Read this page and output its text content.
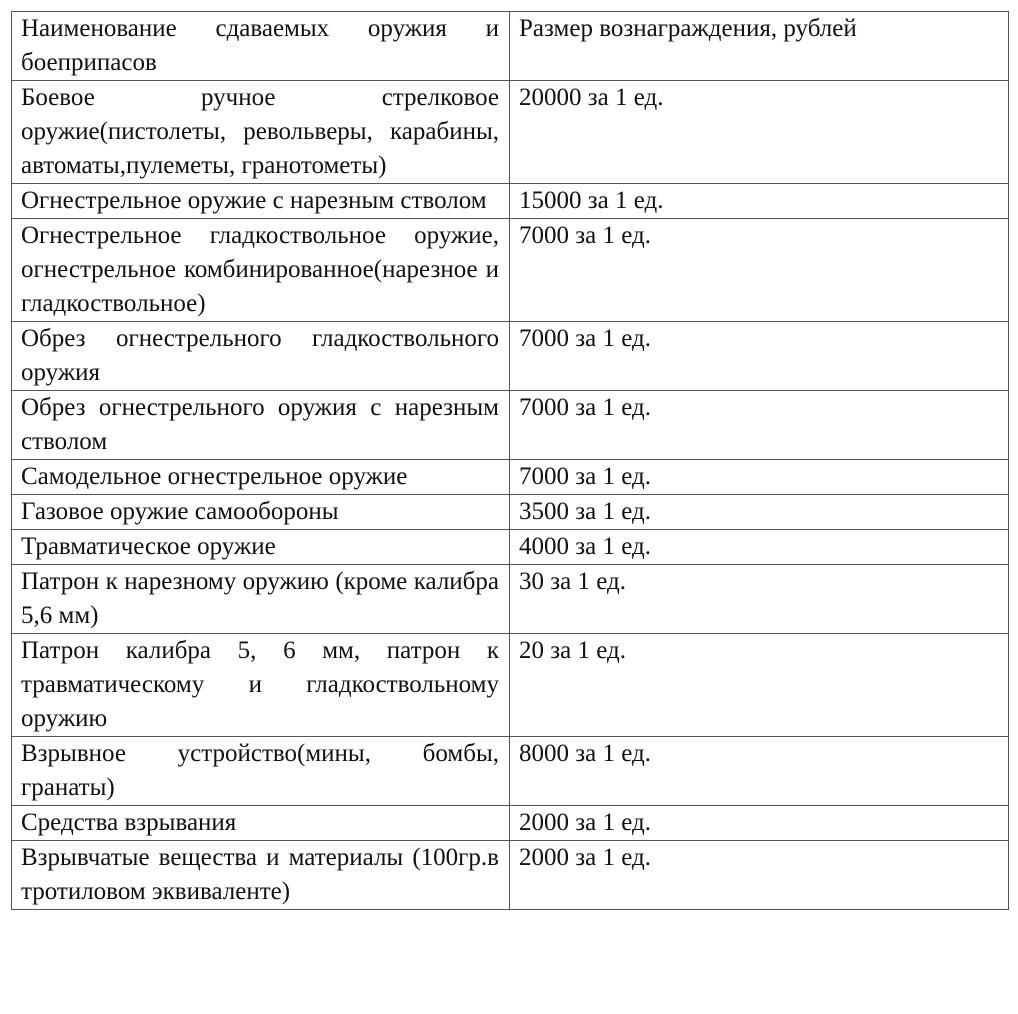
Наименование сдаваемых оружия и боеприпасов	Размер вознаграждения, рублей
Боевое ручное стрелковое оружие(пистолеты, револьверы, карабины, автоматы,пулеметы, гранотометы)	20000 за 1 ед.
Огнестрельное оружие с нарезным стволом	15000 за 1 ед.
Огнестрельное гладкоствольное оружие, огнестрельное комбинированное(нарезное и гладкоствольное)	7000 за 1 ед.
Обрез огнестрельного гладкоствольного оружия	7000 за 1 ед.
Обрез огнестрельного оружия с нарезным стволом	7000 за 1 ед.
Самодельное огнестрельное оружие	7000 за 1 ед.
Газовое оружие самообороны	3500 за 1 ед.
Травматическое оружие	4000 за 1 ед.
Патрон к нарезному оружию (кроме калибра 5,6 мм)	30 за 1 ед.
Патрон калибра 5, 6 мм, патрон к травматическому и гладкоствольному оружию	20 за 1 ед.
Взрывное устройство(мины, бомбы, гранаты)	8000 за 1 ед.
Средства взрывания	2000 за 1 ед.
Взрывчатые вещества и материалы (100гр.в тротиловом эквиваленте)	2000 за 1 ед.
